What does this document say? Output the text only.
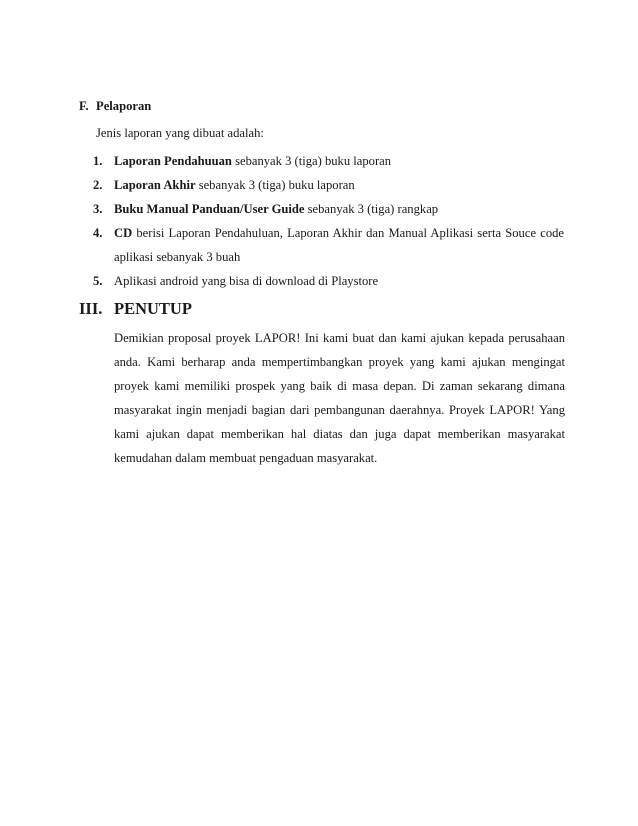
F. Pelaporan
Jenis laporan yang dibuat adalah:
1. Laporan Pendahuuan sebanyak 3 (tiga) buku laporan
2. Laporan Akhir sebanyak 3 (tiga) buku laporan
3. Buku Manual Panduan/User Guide sebanyak 3 (tiga) rangkap
4. CD berisi Laporan Pendahuluan, Laporan Akhir dan Manual Aplikasi serta Souce code aplikasi sebanyak 3 buah
5. Aplikasi android yang bisa di download di Playstore
III. PENUTUP
Demikian proposal proyek LAPOR! Ini kami buat dan kami ajukan kepada perusahaan anda. Kami berharap anda mempertimbangkan proyek yang kami ajukan mengingat proyek kami memiliki prospek yang baik di masa depan. Di zaman sekarang dimana masyarakat ingin menjadi bagian dari pembangunan daerahnya. Proyek LAPOR! Yang kami ajukan dapat memberikan hal diatas dan juga dapat memberikan masyarakat kemudahan dalam membuat pengaduan masyarakat.
